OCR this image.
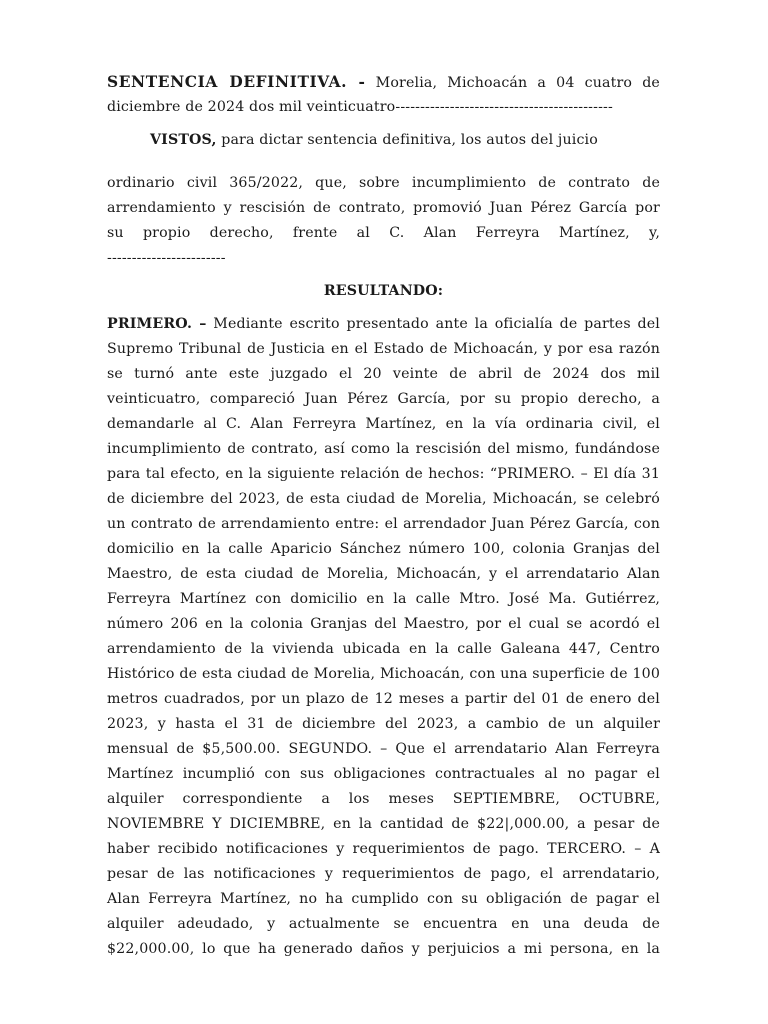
SENTENCIA DEFINITIVA. - Morelia, Michoacán a 04 cuatro de
diciembre de 2024 dos mil veinticuatro--------------------------------------------
VISTOS, para dictar sentencia definitiva, los autos del juicio
ordinario civil 365/2022, que, sobre incumplimiento de contrato de
arrendamiento y rescisión de contrato, promovió Juan Pérez García por
su propio derecho, frente al C. Alan Ferreyra Martínez, y,
------------------------
RESULTANDO:
PRIMERO. – Mediante escrito presentado ante la oficialía de partes del
Supremo Tribunal de Justicia en el Estado de Michoacán, y por esa razón
se turnó ante este juzgado el 20 veinte de abril de 2024 dos mil
veinticuatro, compareció Juan Pérez García, por su propio derecho, a
demandarle al C. Alan Ferreyra Martínez, en la vía ordinaria civil, el
incumplimiento de contrato, así como la rescisión del mismo, fundándose
para tal efecto, en la siguiente relación de hechos: “PRIMERO. – El día 31
de diciembre del 2023, de esta ciudad de Morelia, Michoacán, se celebró
un contrato de arrendamiento entre: el arrendador Juan Pérez García, con
domicilio en la calle Aparicio Sánchez número 100, colonia Granjas del
Maestro, de esta ciudad de Morelia, Michoacán, y el arrendatario Alan
Ferreyra Martínez con domicilio en la calle Mtro. José Ma. Gutiérrez,
número 206 en la colonia Granjas del Maestro, por el cual se acordó el
arrendamiento de la vivienda ubicada en la calle Galeana 447, Centro
Histórico de esta ciudad de Morelia, Michoacán, con una superficie de 100
metros cuadrados, por un plazo de 12 meses a partir del 01 de enero del
2023, y hasta el 31 de diciembre del 2023, a cambio de un alquiler
mensual de $5,500.00. SEGUNDO. – Que el arrendatario Alan Ferreyra
Martínez incumplió con sus obligaciones contractuales al no pagar el
alquiler correspondiente a los meses SEPTIEMBRE, OCTUBRE,
NOVIEMBRE Y DICIEMBRE, en la cantidad de $22|,000.00, a pesar de
haber recibido notificaciones y requerimientos de pago. TERCERO. – A
pesar de las notificaciones y requerimientos de pago, el arrendatario,
Alan Ferreyra Martínez, no ha cumplido con su obligación de pagar el
alquiler adeudado, y actualmente se encuentra en una deuda de
$22,000.00, lo que ha generado daños y perjuicios a mi persona, en la
